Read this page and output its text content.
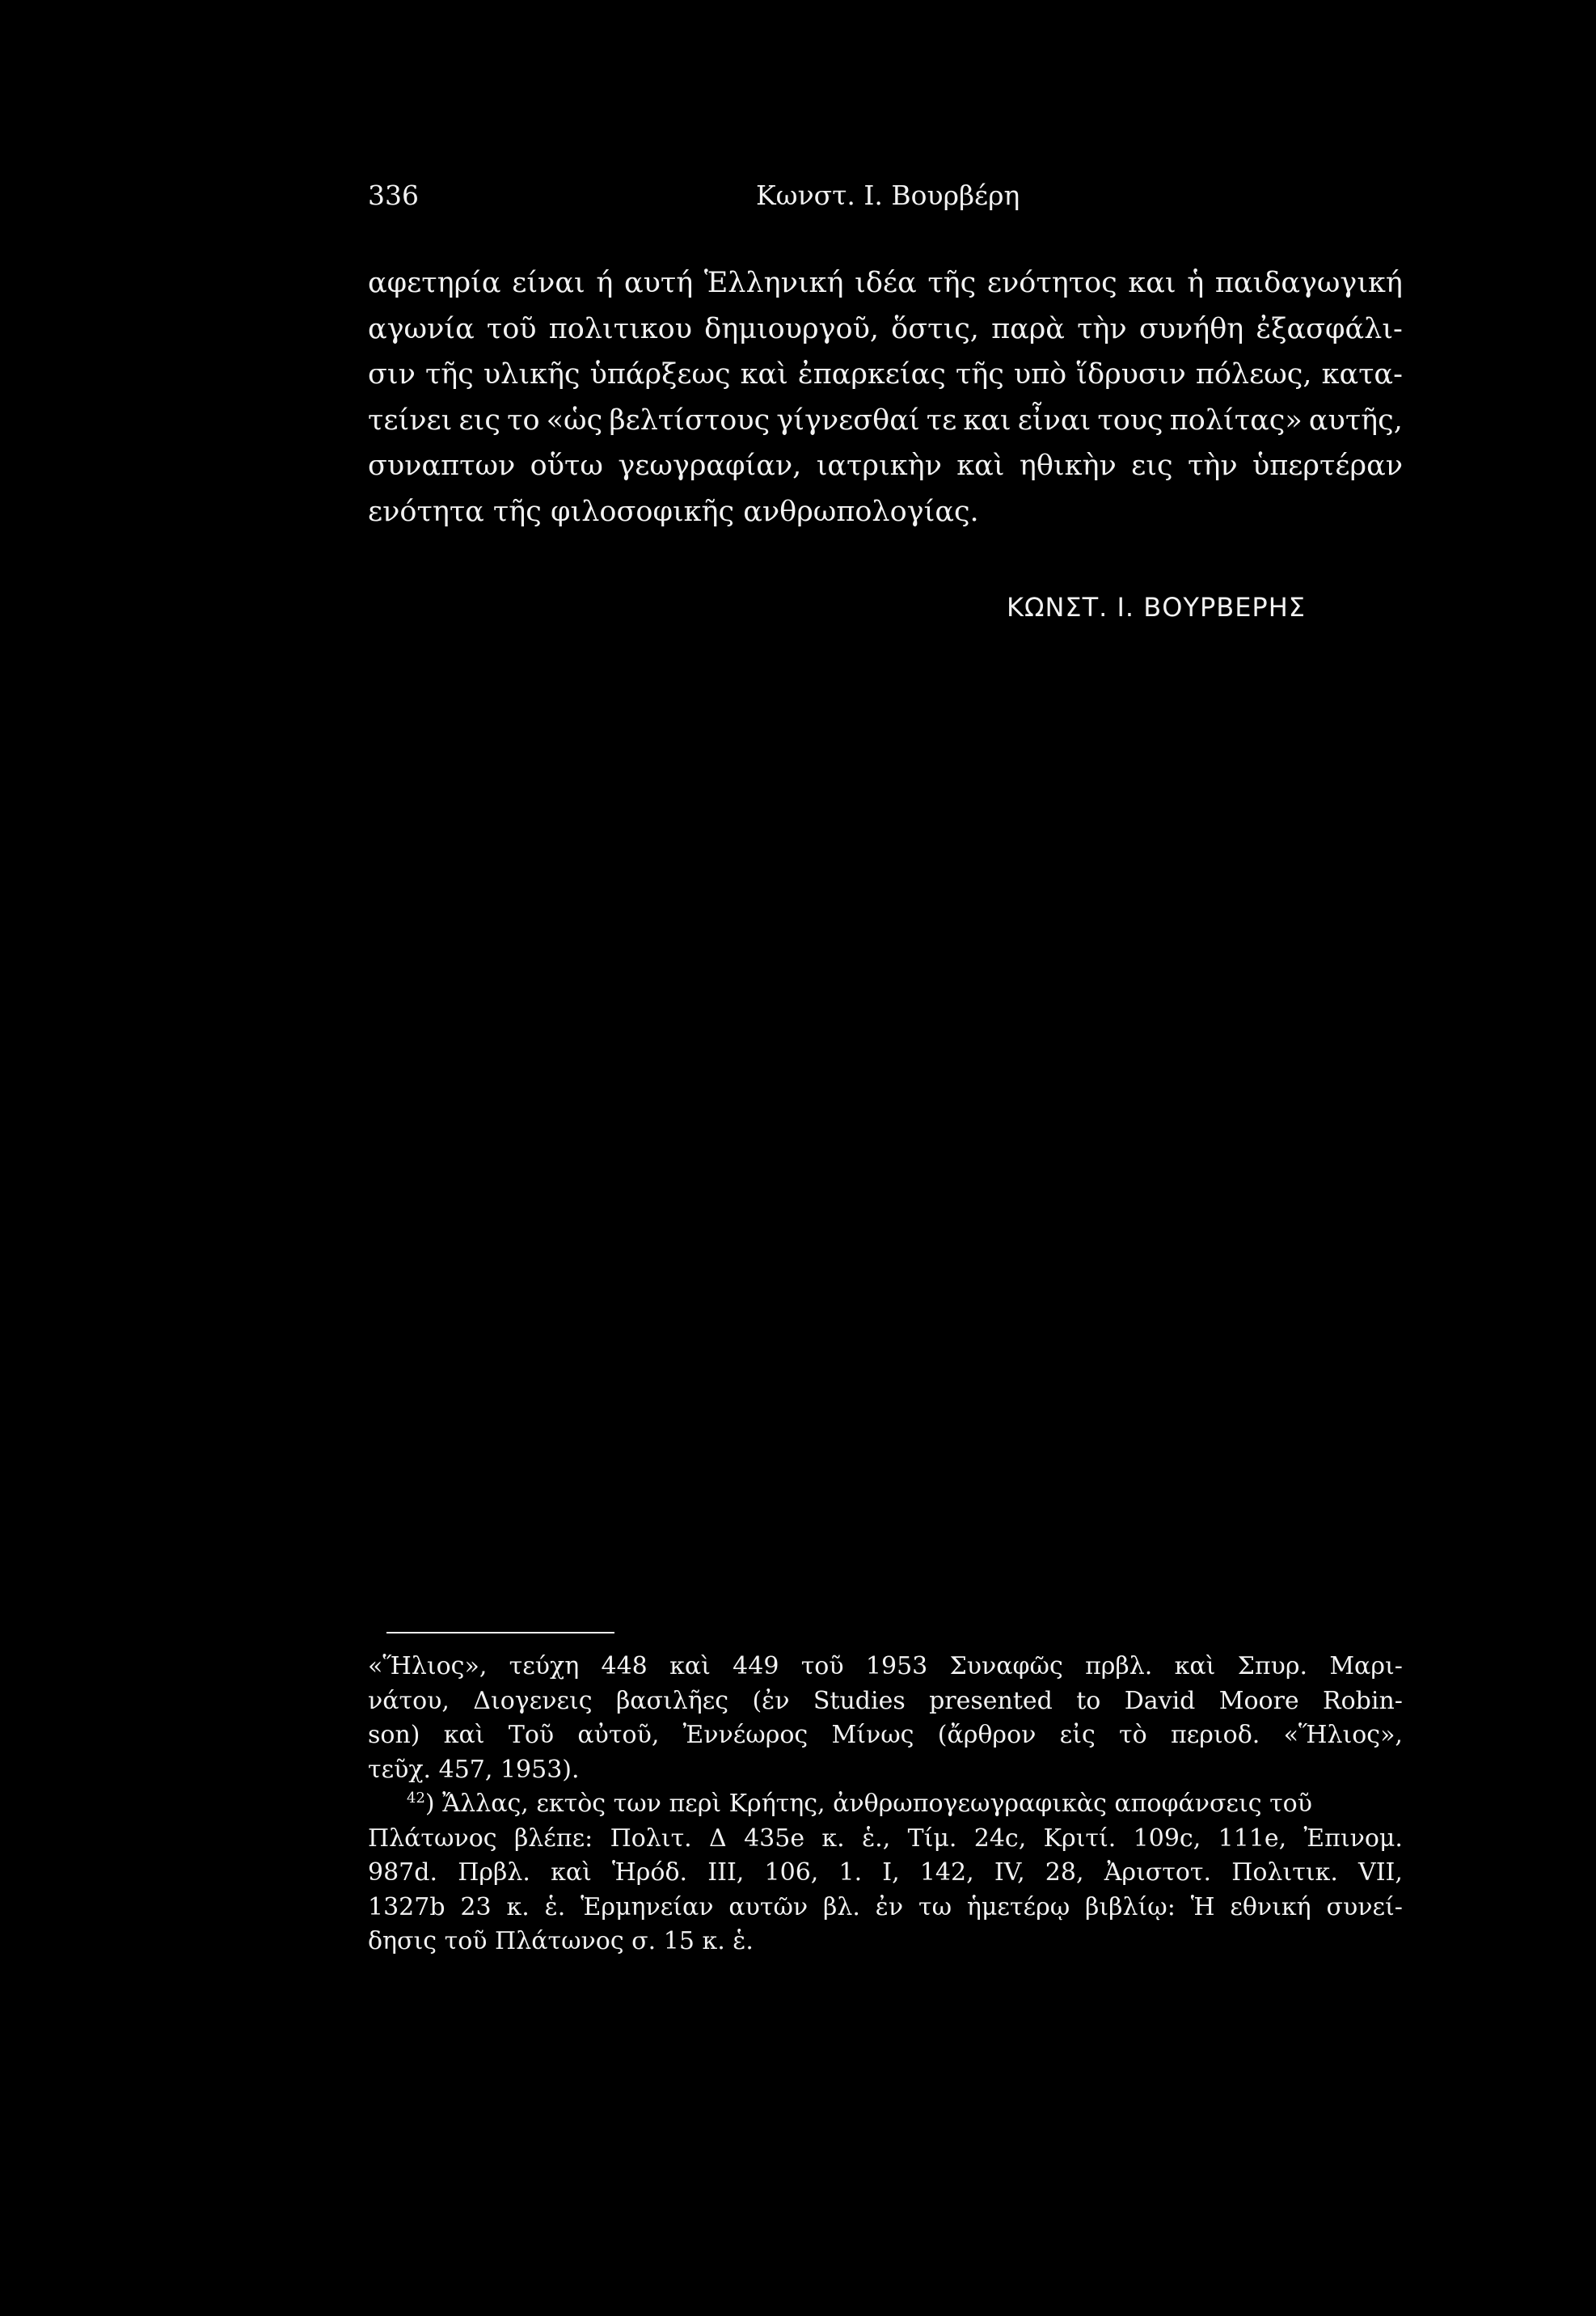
336	Κωνστ. Ι. Βουρβέρη
αφετηρία είναι ή αυτή Ἑλληνική ιδέα τῆς ενότητος και ἡ παιδαγωγική
αγωνία τοῦ πολιτικου δημιουργοῦ, ὅστις, παρὰ τὴν συνήθη ἐξασφάλι-
σιν τῆς υλικῆς ὑπάρξεως καὶ ἐπαρκείας τῆς υπὸ ἵδρυσιν πόλεως, κατα-
τείνει εις το «ὡς βελτίστους γίγνεσθαί τε και εἶναι τους πολίτας» αυτῆς,
συναπτων οὕτω γεωγραφίαν, ιατρικὴν καὶ ηθικὴν εις τὴν ὑπερτέραν
ενότητα τῆς φιλοσοφικῆς ανθρωπολογίας.
ΚΩΝΣΤ. Ι. ΒΟΥΡΒΕΡΗΣ
«Ἥλιος», τεύχη 448 καὶ 449 τοῦ 1953 Συναφῶς πρβλ. καὶ Σπυρ. Μαρι-
νάτου, Διογενεις βασιλῆες (ἐν Studies presented to David Moore Robin-
son) καὶ Τοῦ αὐτοῦ, Ἐννέωρος Μίνως (ἄρθρον εἰς τὸ περιοδ. «Ἥλιος»,
τεῦχ. 457, 1953).
$^{42}$) Ἄλλας, εκτὸς των περὶ Κρήτης, ἀνθρωπογεωγραφικὰς αποφάνσεις τοῦ
Πλάτωνος βλέπε: Πολιτ. Δ 435e κ. ἑ., Τίμ. 24c, Κριτί. 109c, 111e, Ἐπινομ.
987d. Πρβλ. καὶ Ἡρόδ. III, 106, 1. I, 142, IV, 28, Ἀριστοτ. Πολιτικ. VII,
1327b 23 κ. ἑ. Ἑρμηνείαν αυτῶν βλ. ἐν τω ἡμετέρῳ βιβλίῳ: Ἡ εθνική συνεί-
δησις τοῦ Πλάτωνος σ. 15 κ. ἑ.
